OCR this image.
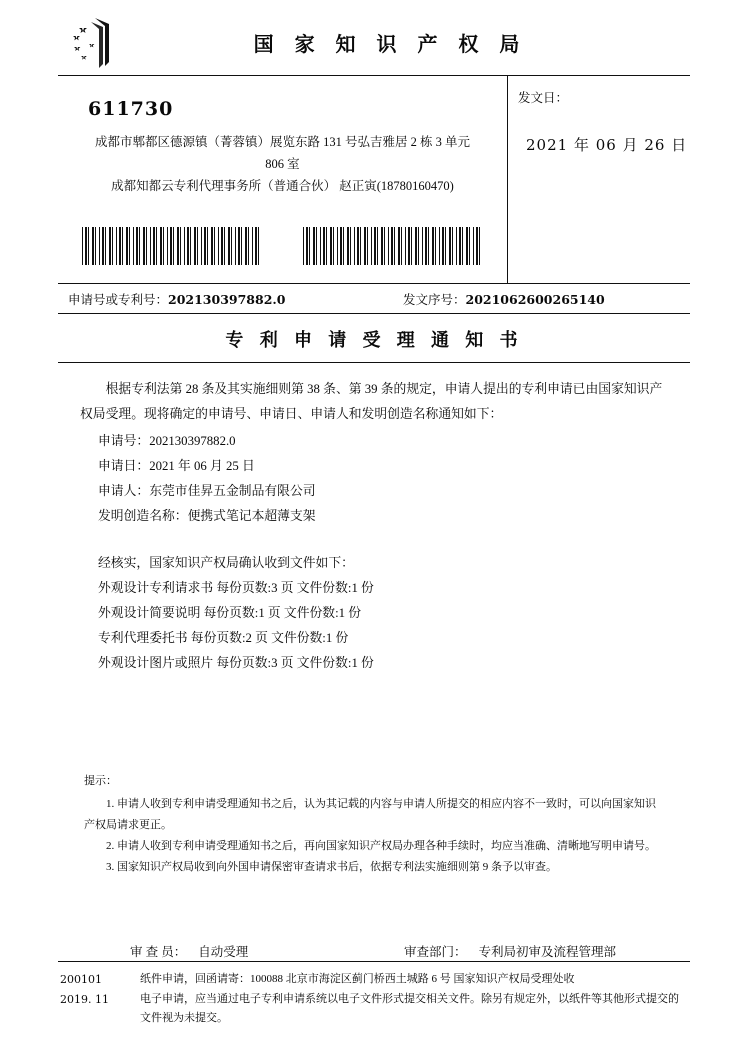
国 家 知 识 产 权 局
611730
成都市郫都区德源镇（菁蓉镇）展览东路 131 号弘吉雅居 2 栋 3 单元
806 室
成都知都云专利代理事务所（普通合伙） 赵正寅(18780160470)
发文日：
2021 年 06 月 26 日
申请号或专利号：202130397882.0	发文序号：2021062600265140
专 利 申 请 受 理 通 知 书

根据专利法第 28 条及其实施细则第 38 条、第 39 条的规定，申请人提出的专利申请已由国家知识产权局受理。现将确定的申请号、申请日、申请人和发明创造名称通知如下：

申请号：202130397882.0
申请日：2021 年 06 月 25 日
申请人：东莞市佳昇五金制品有限公司
发明创造名称：便携式笔记本超薄支架
经核实，国家知识产权局确认收到文件如下：
外观设计专利请求书 每份页数:3 页 文件份数:1 份
外观设计简要说明 每份页数:1 页 文件份数:1 份
专利代理委托书 每份页数:2 页 文件份数:1 份
外观设计图片或照片 每份页数:3 页 文件份数:1 份
提示：
1. 申请人收到专利申请受理通知书之后，认为其记载的内容与申请人所提交的相应内容不一致时，可以向国家知识产权局请求更正。
2. 申请人收到专利申请受理通知书之后，再向国家知识产权局办理各种手续时，均应当准确、清晰地写明申请号。
3. 国家知识产权局收到向外国申请保密审查请求书后，依据专利法实施细则第 9 条予以审查。
审 查 员： 自动受理	审查部门： 专利局初审及流程管理部
200101
2019. 11
纸件申请，回函请寄：100088 北京市海淀区蓟门桥西土城路 6 号 国家知识产权局受理处收
电子申请，应当通过电子专利申请系统以电子文件形式提交相关文件。除另有规定外，以纸件等其他形式提交的
文件视为未提交。
